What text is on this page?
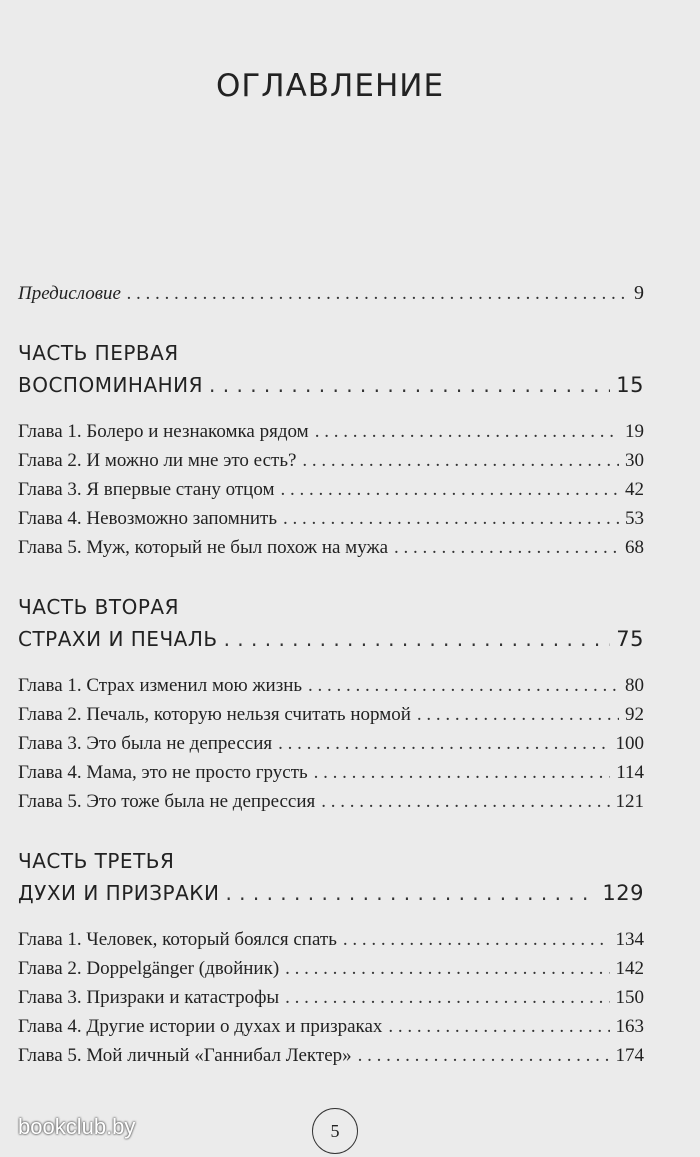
ОГЛАВЛЕНИЕ
Предисловие . . .	9
ЧАСТЬ ПЕРВАЯ
ВОСПОМИНАНИЯ . . .	15
Глава 1. Болеро и незнакомка рядом . . .	19
Глава 2. И можно ли мне это есть? . . .	30
Глава 3. Я впервые стану отцом . . .	42
Глава 4. Невозможно запомнить . . .	53
Глава 5. Муж, который не был похож на мужа . . .	68
ЧАСТЬ ВТОРАЯ
СТРАХИ И ПЕЧАЛЬ . . .	75
Глава 1. Страх изменил мою жизнь . . .	80
Глава 2. Печаль, которую нельзя считать нормой . . .	92
Глава 3. Это была не депрессия . . .	100
Глава 4. Мама, это не просто грусть . . .	114
Глава 5. Это тоже была не депрессия . . .	121
ЧАСТЬ ТРЕТЬЯ
ДУХИ И ПРИЗРАКИ . . .	129
Глава 1. Человек, который боялся спать . . .	134
Глава 2. Doppelgänger (двойник) . . .	142
Глава 3. Призраки и катастрофы . . .	150
Глава 4. Другие истории о духах и призраках . . .	163
Глава 5. Мой личный «Ганнибал Лектер» . . .	174
bookclub.by	5
